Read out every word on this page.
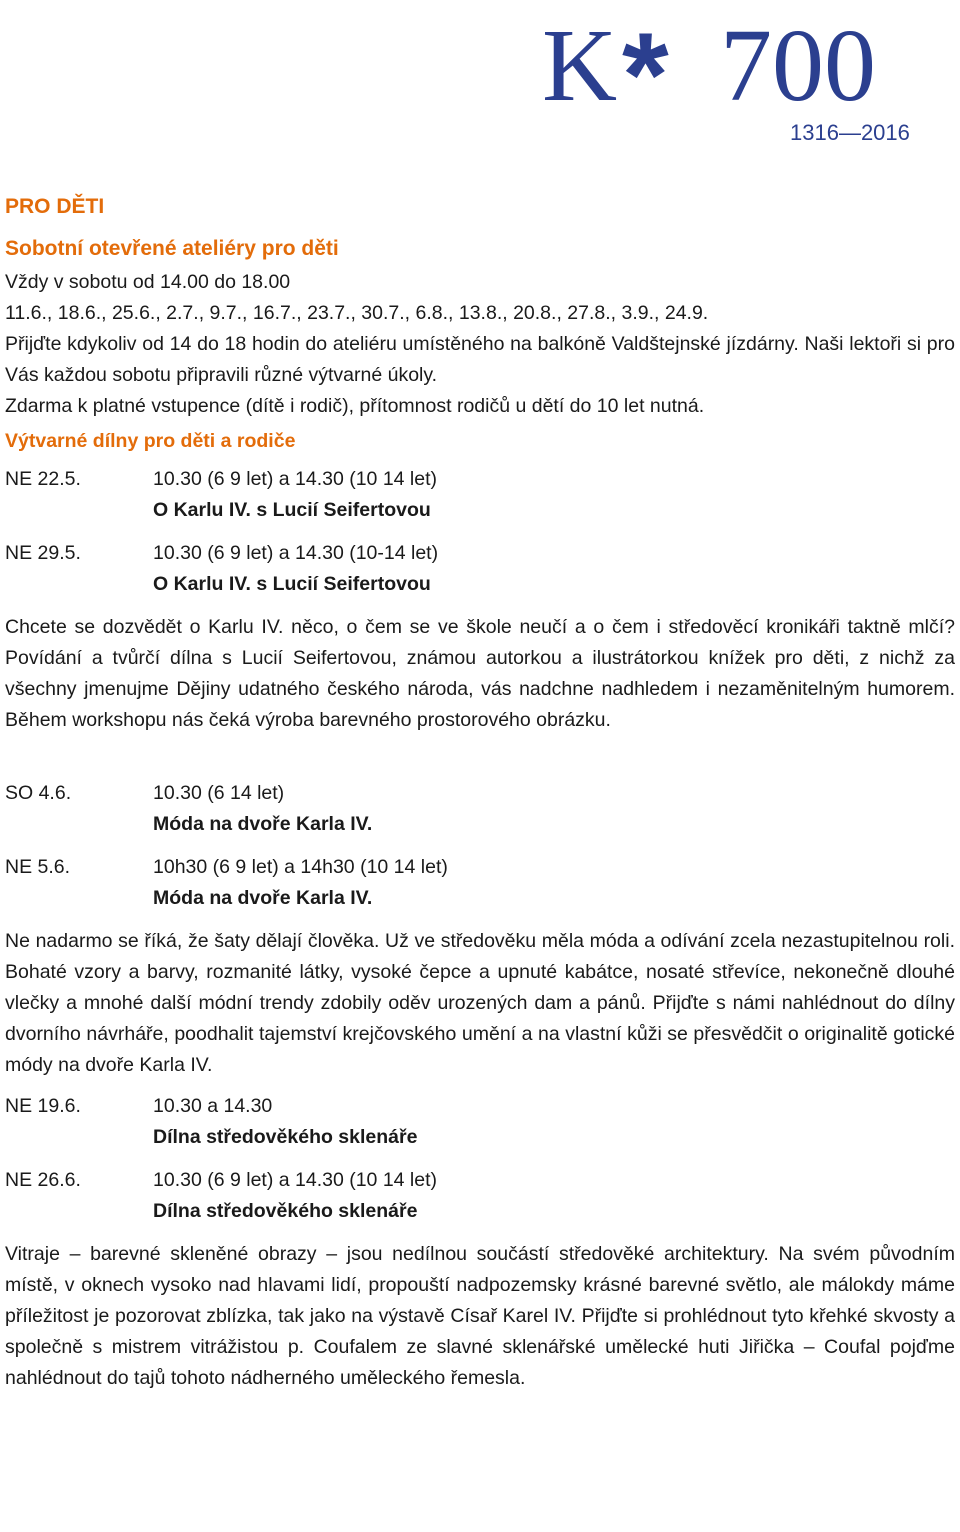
K * 700
1316—2016
PRO DĚTI
Sobotní otevřené ateliéry pro děti

Vždy v sobotu od 14.00 do 18.00

11.6., 18.6., 25.6., 2.7., 9.7., 16.7., 23.7., 30.7., 6.8., 13.8., 20.8., 27.8., 3.9., 24.9.

Přijďte kdykoliv od 14 do 18 hodin do ateliéru umístěného na balkóně Valdštejnské jízdárny. Naši lektoři si pro Vás každou sobotu připravili různé výtvarné úkoly.

Zdarma k platné vstupence (dítě i rodič), přítomnost rodičů u dětí do 10 let nutná.

Výtvarné dílny pro děti a rodiče
NE 22.5.	10.30 (6 9 let) a 14.30 (10 14 let)
O Karlu IV. s Lucií Seifertovou
NE 29.5.	10.30 (6 9 let) a 14.30 (10-14 let)
O Karlu IV. s Lucií Seifertovou

Chcete se dozvědět o Karlu IV. něco, o čem se ve škole neučí a o čem i středověcí kronikáři taktně mlčí? Povídání a tvůrčí dílna s Lucií Seifertovou, známou autorkou a ilustrátorkou knížek pro děti, z nichž za všechny jmenujme Dějiny udatného českého národa, vás nadchne nadhledem i nezaměnitelným humorem. Během workshopu nás čeká výroba barevného prostorového obrázku.

SO 4.6.	10.30 (6 14 let)
Móda na dvoře Karla IV.
NE 5.6.	10h30 (6 9 let) a 14h30 (10 14 let)
Móda na dvoře Karla IV.

Ne nadarmo se říká, že šaty dělají člověka. Už ve středověku měla móda a odívání zcela nezastupitelnou roli. Bohaté vzory a barvy, rozmanité látky, vysoké čepce a upnuté kabátce, nosaté střevíce, nekonečně dlouhé vlečky a mnohé další módní trendy zdobily oděv urozených dam a pánů. Přijďte s námi nahlédnout do dílny dvorního návrháře, poodhalit tajemství krejčovského umění a na vlastní kůži se přesvědčit o originalitě gotické módy na dvoře Karla IV.

NE 19.6.	10.30 a 14.30
Dílna středověkého sklenáře
NE 26.6.	10.30 (6 9 let) a 14.30 (10 14 let)
Dílna středověkého sklenáře

Vitraje – barevné skleněné obrazy – jsou nedílnou součástí středověké architektury. Na svém původním místě, v oknech vysoko nad hlavami lidí, propouští nadpozemsky krásné barevné světlo, ale málokdy máme příležitost je pozorovat zblízka, tak jako na výstavě Císař Karel IV. Přijďte si prohlédnout tyto křehké skvosty a společně s mistrem vitrážistou p. Coufalem ze slavné sklenářské umělecké huti Jiřička – Coufal pojďme nahlédnout do tajů tohoto nádherného uměleckého řemesla.
